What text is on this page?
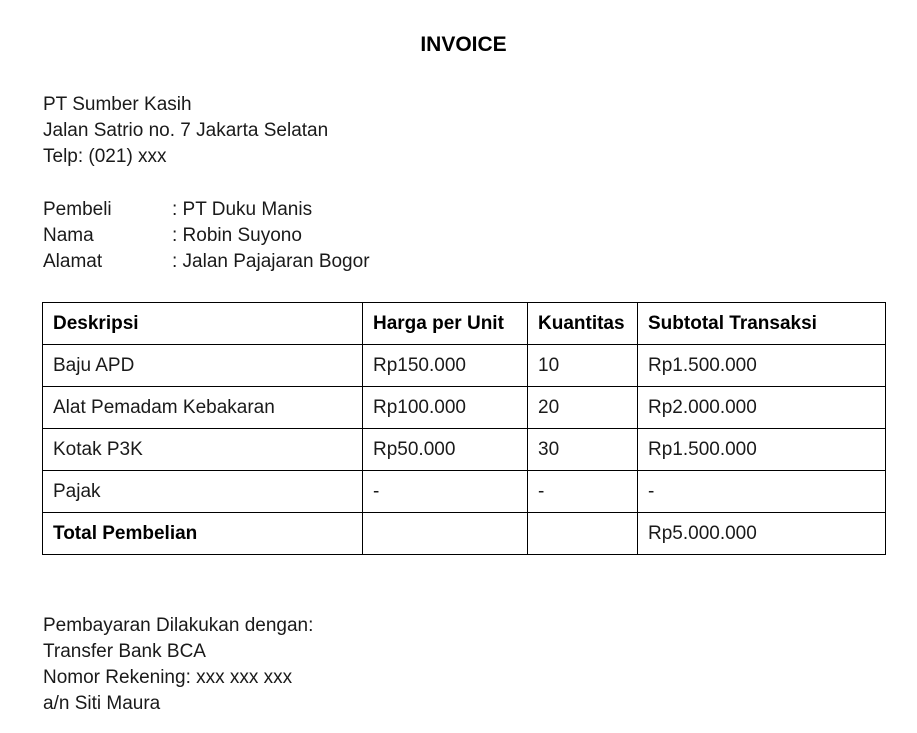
INVOICE
PT Sumber Kasih
Jalan Satrio no. 7 Jakarta Selatan
Telp: (021) xxx
Pembeli	: PT Duku Manis
Nama	: Robin Suyono
Alamat	: Jalan Pajajaran Bogor
Deskripsi	Harga per Unit	Kuantitas	Subtotal Transaksi
Baju APD	Rp150.000	10	Rp1.500.000
Alat Pemadam Kebakaran	Rp100.000	20	Rp2.000.000
Kotak P3K	Rp50.000	30	Rp1.500.000
Pajak	-	-	-
Total Pembelian			Rp5.000.000
Pembayaran Dilakukan dengan:
Transfer Bank BCA
Nomor Rekening: xxx xxx xxx
a/n Siti Maura
